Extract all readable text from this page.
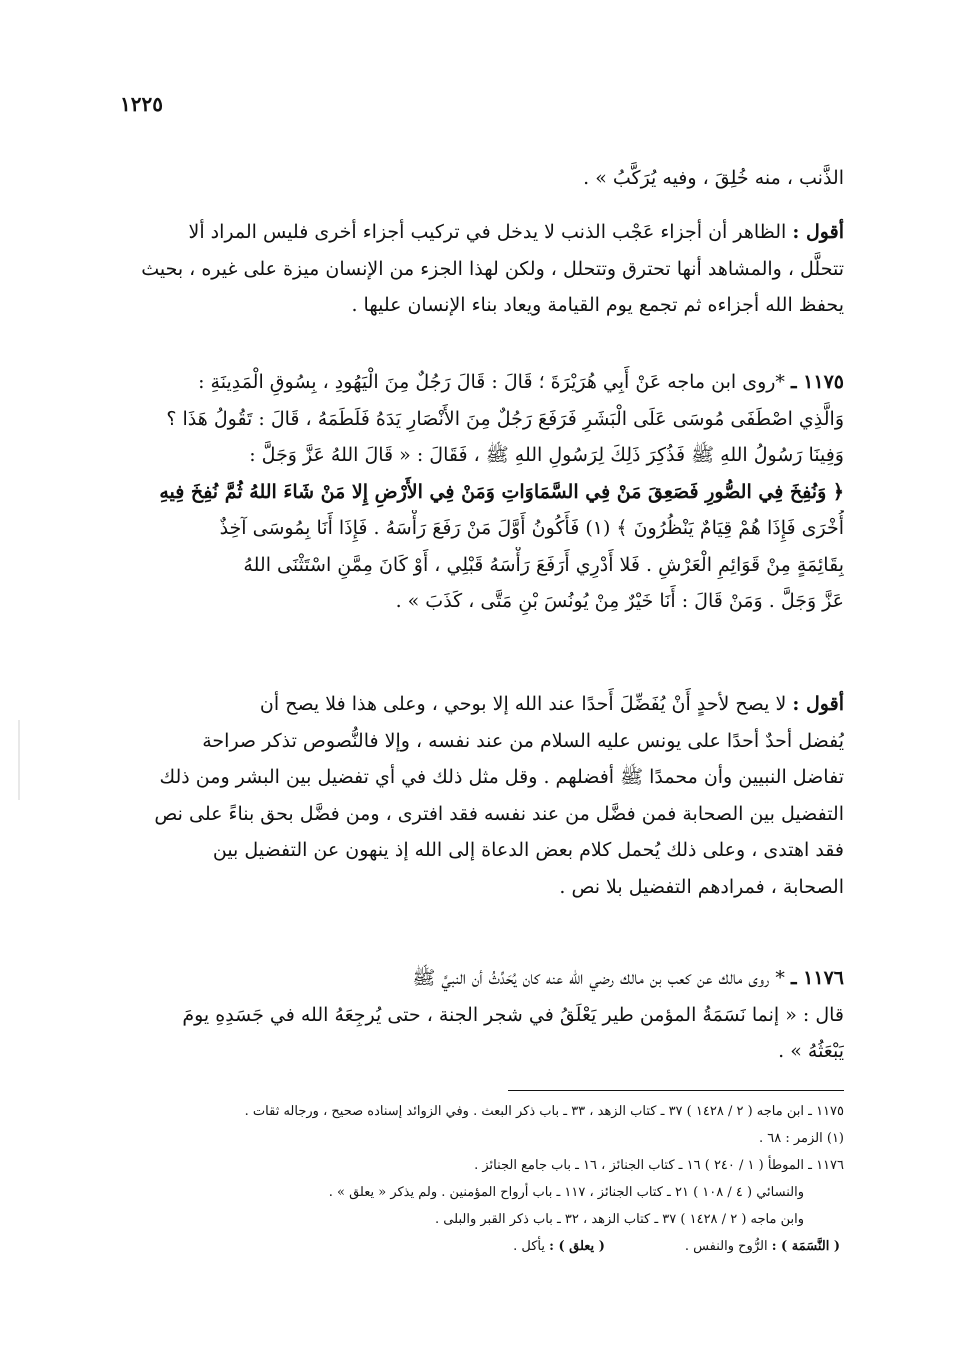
١٢٢٥
الذَّنب ، منه خُلِقَ ، وفيه يُرَكَّبُ » .
أقول : الظاهر أن أجزاء عَجْب الذنب لا يدخل في تركيب أجزاء أخرى فليس المراد ألا
تتحلَّل ، والمشاهد أنها تحترق وتتحلل ، ولكن لهذا الجزء من الإنسان ميزة على غيره ، بحيث
يحفظ الله أجزاءه ثم تجمع يوم القيامة ويعاد بناء الإنسان عليها .
١١٧٥ ـ *روى ابن ماجه عَنْ أَبِي هُرَيْرَةَ ؛ قَالَ : قَالَ رَجُلٌ مِنَ الْيَهُودِ ، بِسُوقِ الْمَدِينَةِ :
وَالَّذِي اصْطَفَى مُوسَى عَلَى الْبَشَرِ فَرَفَعَ رَجُلٌ مِنَ الأَنْصَارِ يَدَهُ فَلَطَمَهُ ، قَالَ : تَقُولُ هَذَا ؟
وَفِينَا رَسُولُ اللهِ ﷺ فَذُكِرَ ذَلِكَ لِرَسُولِ اللهِ ﷺ ، فَقَالَ : « قَالَ اللهُ عَزَّ وَجَلَّ :
﴿ وَنُفِخَ فِي الصُّورِ فَصَعِقَ مَنْ فِي السَّمَاوَاتِ وَمَنْ فِي الأَرْضِ إِلا مَنْ شَاءَ اللهُ ثُمَّ نُفِخَ فِيهِ
أُخْرَى فَإِذَا هُمْ قِيَامٌ يَنْظُرُونَ ﴾ (١) فَأَكُونُ أَوَّلَ مَنْ رَفَعَ رَأْسَهُ . فَإِذَا أَنَا بِمُوسَى آخِذٌ
بِقَائِمَةٍ مِنْ قَوَائِمِ الْعَرْشِ . فَلا أَدْرِي أَرَفَعَ رَأْسَهُ قَبْلِي ، أَوْ كَانَ مِمَّنِ اسْتَثْنَى اللهُ
عَزَّ وَجَلَّ . وَمَنْ قَالَ : أَنَا خَيْرٌ مِنْ يُونُسَ بْنِ مَتَّى ، كَذَبَ » .
أقول : لا يصح لأحدٍ أَنْ يُفَضِّلَ أَحدًا عند الله إلا بوحي ، وعلى هذا فلا يصح أن
يُفضل أحدٌ أحدًا على يونس عليه السلام من عند نفسه ، وإلا فالنُّصوص تذكر صراحة
تفاضل النبيين وأن محمدًا ﷺ أفضلهم . وقل مثل ذلك في أي تفضيل بين البشر ومن ذلك
التفضيل بين الصحابة فمن فضَّل من عند نفسه فقد افترى ، ومن فضَّل بحق بناءً على نص
فقد اهتدى ، وعلى ذلك يُحمل كلام بعض الدعاة إلى الله إذ ينهون عن التفضيل بين
الصحابة ، فمرادهم التفضيل بلا نص .
١١٧٦ ـ * روى مالك عن كعب بن مالك رضي الله عنه كان يُحَدِّثُ أن النبيَّ ﷺ
قال : « إنما نَسَمَةُ المؤمن طير يَعْلَقُ في شجر الجنة ، حتى يُرجِعَهُ الله في جَسَدِهِ يومَ
يَبْعَثُهُ » .
١١٧٥ ـ ابن ماجه ( ٢ / ١٤٢٨ ) ٣٧ ـ كتاب الزهد ، ٣٣ ـ باب ذكر البعث . وفي الزوائد إسناده صحيح ، ورجاله ثقات .
(١) الزمر : ٦٨ .
١١٧٦ ـ الموطأ ( ١ / ٢٤٠ ) ١٦ ـ كتاب الجنائز ، ١٦ ـ باب جامع الجنائز .
والنسائي ( ٤ / ١٠٨ ) ٢١ ـ كتاب الجنائز ، ١١٧ ـ باب أرواح المؤمنين . ولم يذكر « يعلق » .
وابن ماجه ( ٢ / ١٤٢٨ ) ٣٧ ـ كتاب الزهد ، ٣٢ ـ باب ذكر القبر والبلى .
( النَّسَمَة ) : الرُّوح والنفس .
( يعلق ) : يأكل .
